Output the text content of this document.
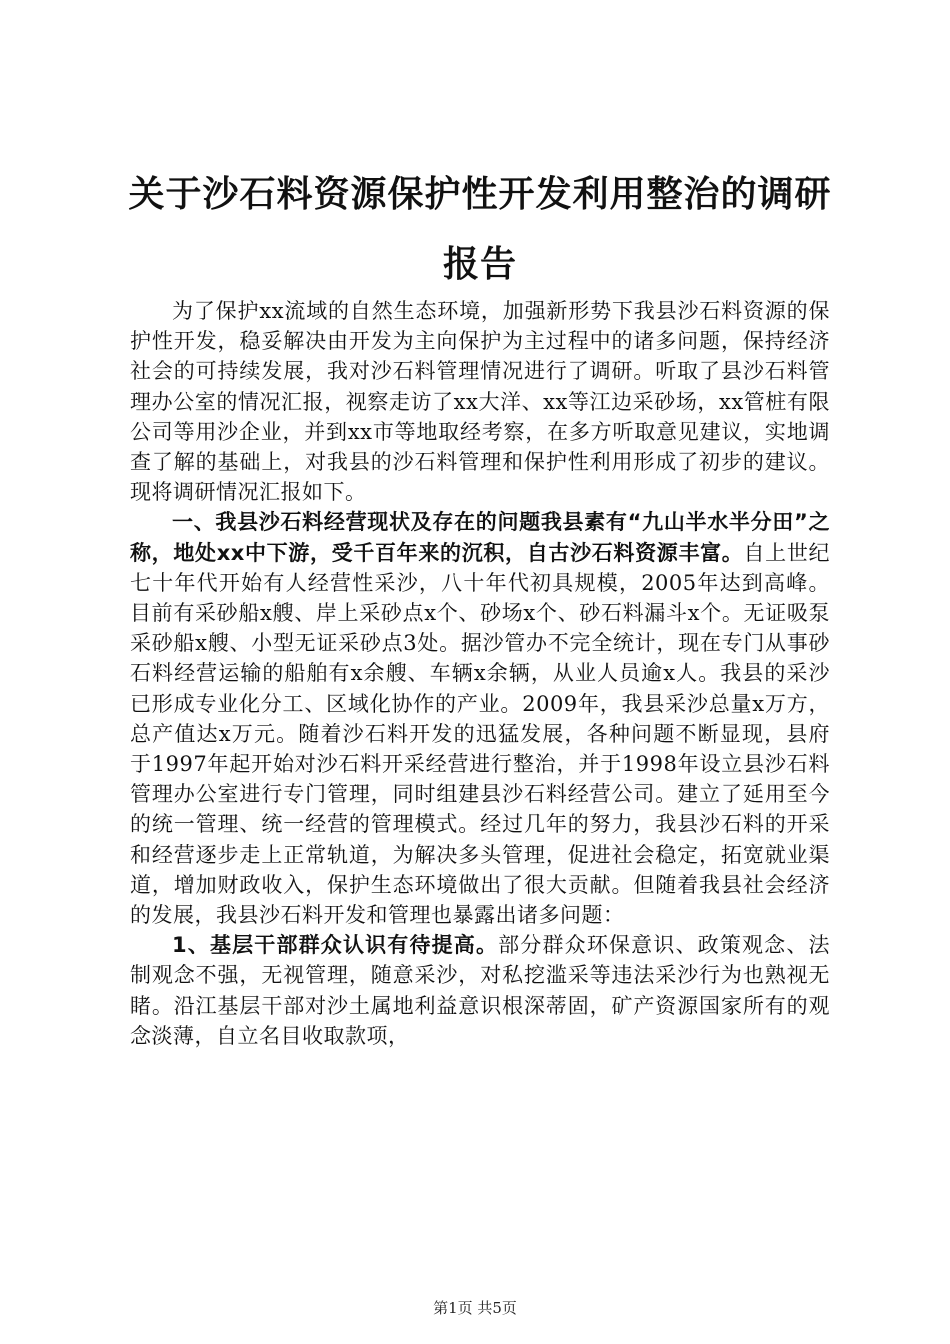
关于沙石料资源保护性开发利用整治的调研报告

为了保护xx流域的自然生态环境，加强新形势下我县沙石料资源的保护性开发，稳妥解决由开发为主向保护为主过程中的诸多问题，保持经济社会的可持续发展，我对沙石料管理情况进行了调研。听取了县沙石料管理办公室的情况汇报，视察走访了xx大洋、xx等江边采砂场，xx管桩有限公司等用沙企业，并到xx市等地取经考察，在多方听取意见建议，实地调查了解的基础上，对我县的沙石料管理和保护性利用形成了初步的建议。现将调研情况汇报如下。

一、我县沙石料经营现状及存在的问题我县素有“九山半水半分田”之称，地处xx中下游，受千百年来的沉积，自古沙石料资源丰富。自上世纪七十年代开始有人经营性采沙，八十年代初具规模，2005年达到高峰。目前有采砂船x艘、岸上采砂点x个、砂场x个、砂石料漏斗x个。无证吸泵采砂船x艘、小型无证采砂点3处。据沙管办不完全统计，现在专门从事砂石料经营运输的船舶有x余艘、车辆x余辆，从业人员逾x人。我县的采沙已形成专业化分工、区域化协作的产业。2009年，我县采沙总量x万方，总产值达x万元。随着沙石料开发的迅猛发展，各种问题不断显现，县府于1997年起开始对沙石料开采经营进行整治，并于1998年设立县沙石料管理办公室进行专门管理，同时组建县沙石料经营公司。建立了延用至今的统一管理、统一经营的管理模式。经过几年的努力，我县沙石料的开采和经营逐步走上正常轨道，为解决多头管理，促进社会稳定，拓宽就业渠道，增加财政收入，保护生态环境做出了很大贡献。但随着我县社会经济的发展，我县沙石料开发和管理也暴露出诸多问题：

1、基层干部群众认识有待提高。部分群众环保意识、政策观念、法制观念不强，无视管理，随意采沙，对私挖滥采等违法采沙行为也熟视无睹。沿江基层干部对沙土属地利益意识根深蒂固，矿产资源国家所有的观念淡薄，自立名目收取款项，

第1页 共5页
